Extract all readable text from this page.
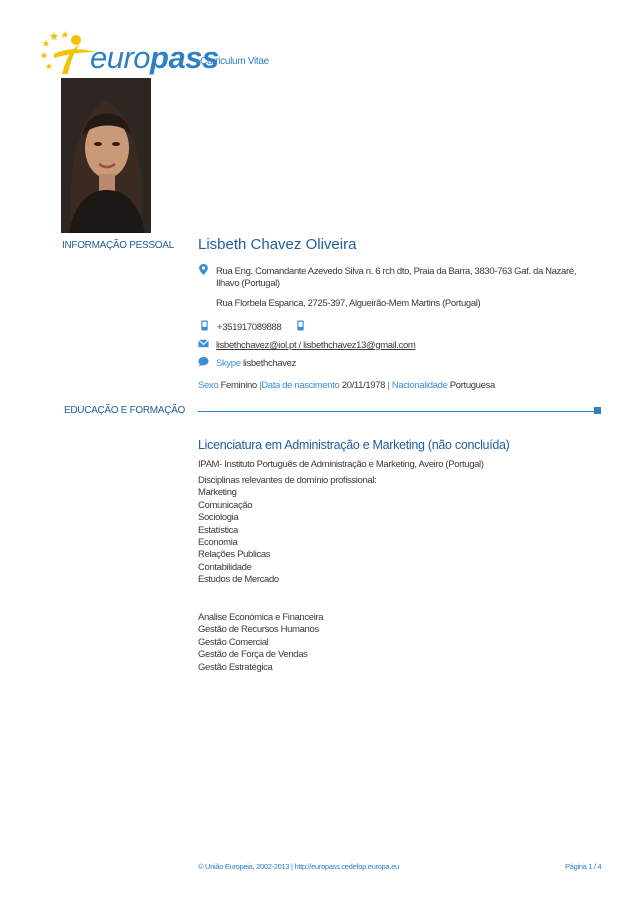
europass
Curriculum Vitae
INFORMAÇÃO PESSOAL Lisbeth Chavez Oliveira
Rua Eng. Comandante Azevedo Silva n. 6 rch dto, Praia da Barra, 3830-763 Gaf. da Nazaré,
Ilhavo (Portugal)
Rua Florbela Espanca, 2725-397, Algueirão-Mem Martins (Portugal)
+351917089888
lisbethchavez@iol.pt / lisbethchavez13@gmail.com
Skype lisbethchavez
Sexo Feminino |Data de nascimento 20/11/1978 | Nacionalidade Portuguesa
EDUCAÇÃO E FORMAÇÃO
Licenciatura em Administração e Marketing (não concluída)
IPAM- Instituto Português de Administração e Marketing, Aveiro (Portugal)
Disciplinas relevantes de domínio profissional:
Marketing
Comunicação
Sociologia
Estatística
Economia
Relações Publicas
Contabilidade
Estudos de Mercado
Analise Económica e Financeira
Gestão de Recursos Humanos
Gestão Comercial
Gestão de Força de Vendas
Gestão Estratégica
© União Europeia, 2002-2013 | http://europass.cedefop.europa.eu	Página 1 / 4
